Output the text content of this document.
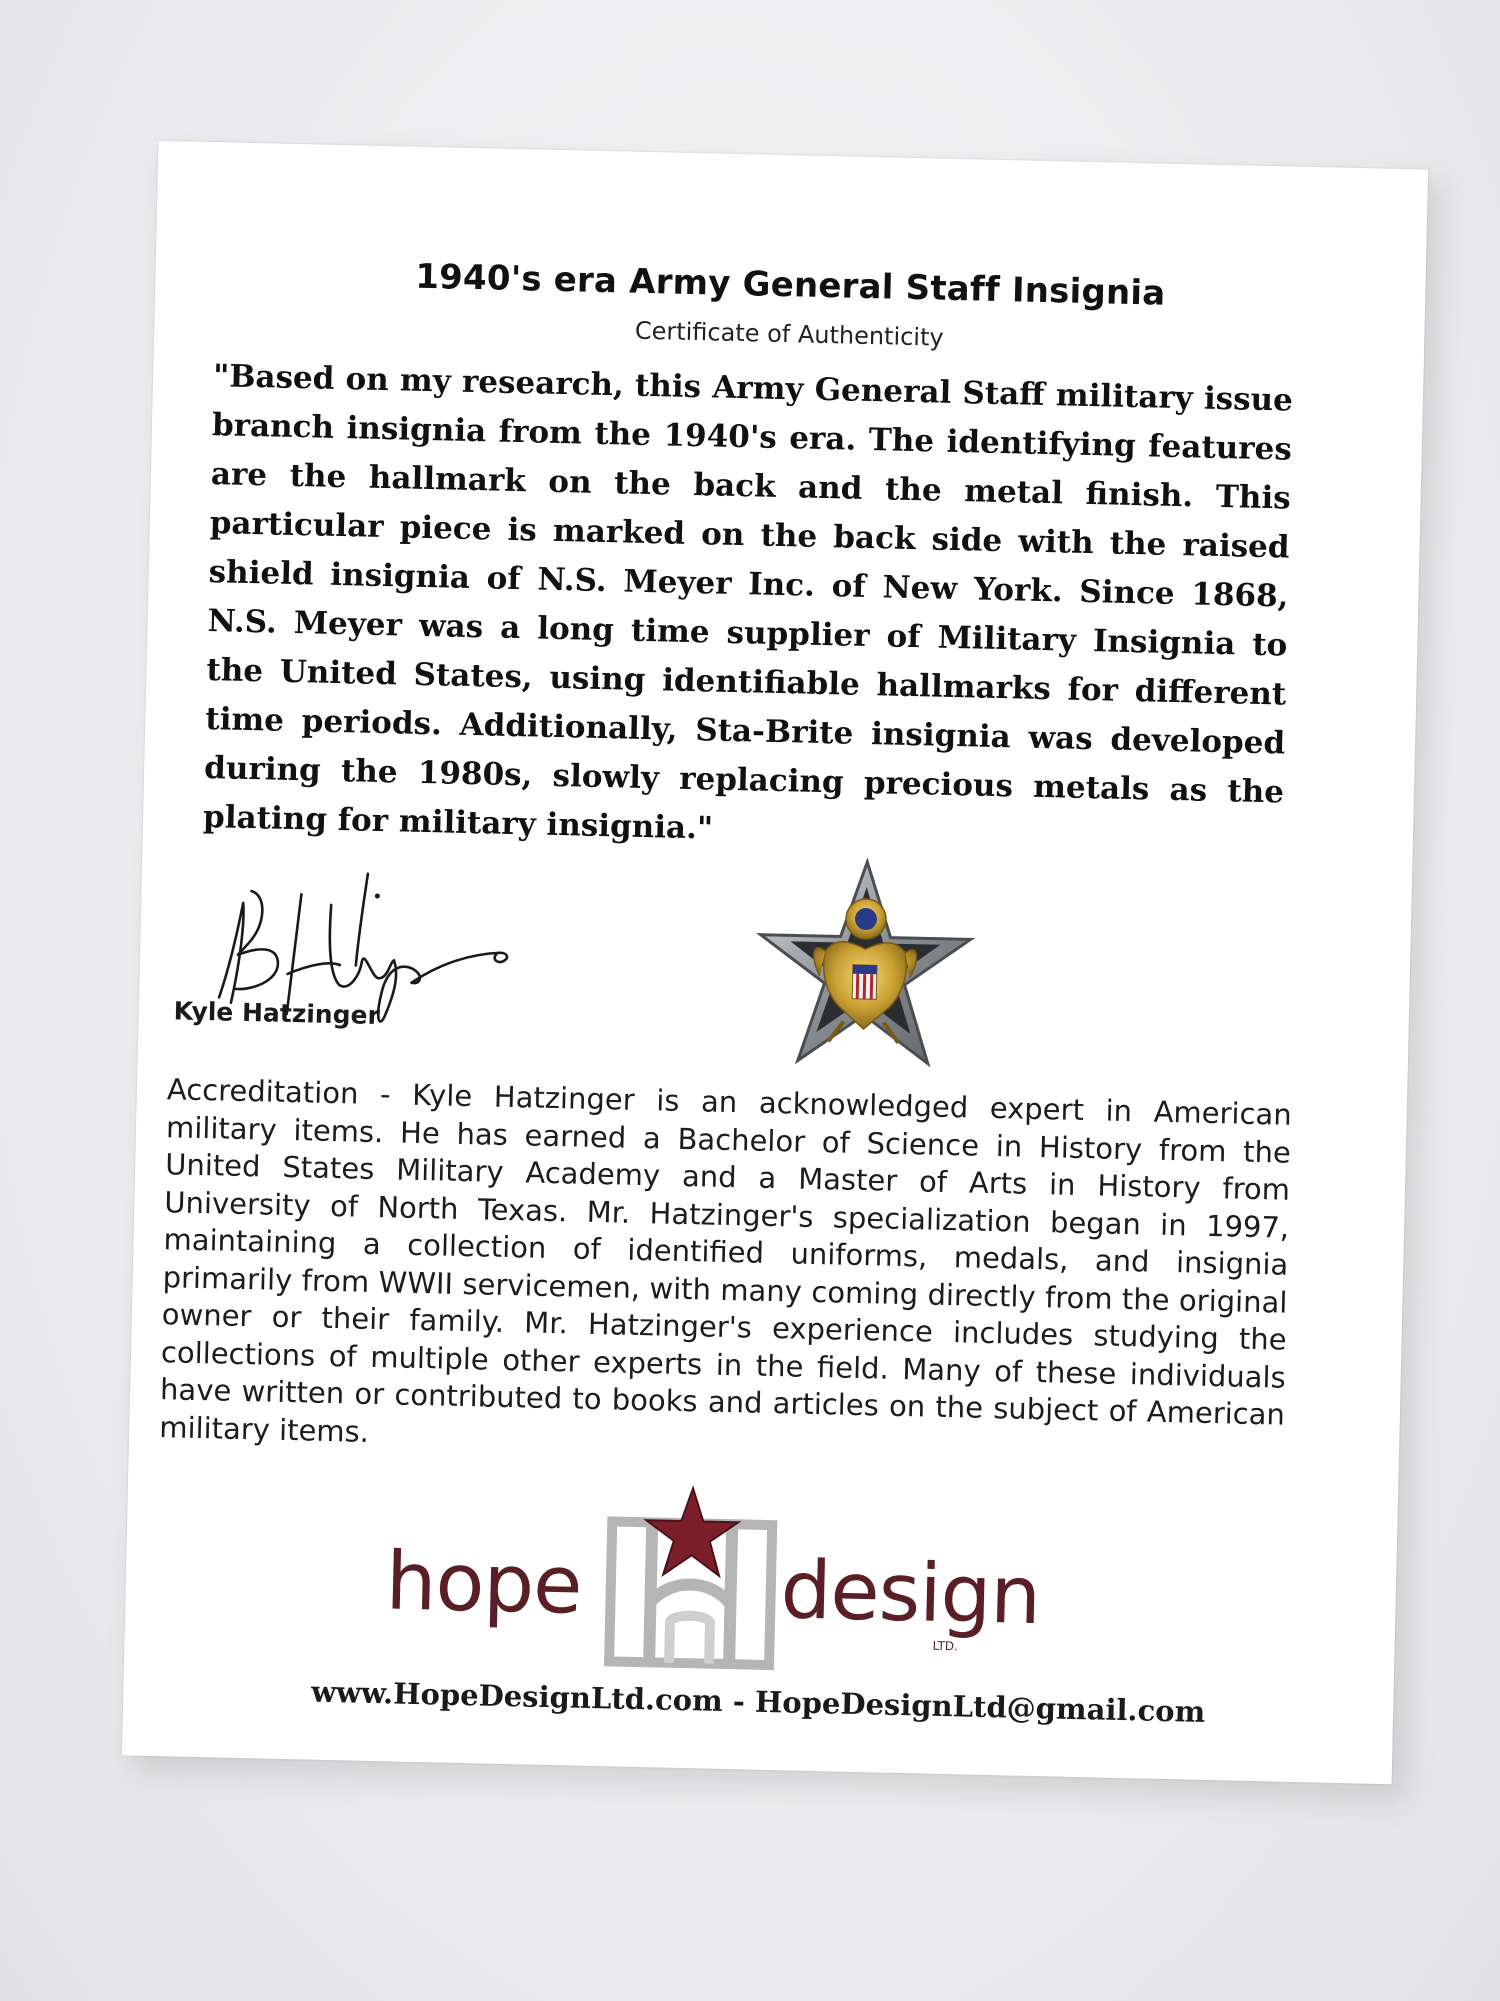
1940's era Army General Staff Insignia
Certificate of Authenticity
"Based on my research, this Army General Staff military issue branch insignia from the 1940's era. The identifying features are the hallmark on the back and the metal finish. This particular piece is marked on the back side with the raised shield insignia of N.S. Meyer Inc. of New York. Since 1868, N.S. Meyer was a long time supplier of Military Insignia to the United States, using identifiable hallmarks for different time periods. Additionally, Sta-Brite insignia was developed during the 1980s, slowly replacing precious metals as the plating for military insignia."
Kyle Hatzinger
Accreditation - Kyle Hatzinger is an acknowledged expert in American military items. He has earned a Bachelor of Science in History from the United States Military Academy and a Master of Arts in History from University of North Texas. Mr. Hatzinger's specialization began in 1997, maintaining a collection of identified uniforms, medals, and insignia primarily from WWII servicemen, with many coming directly from the original owner or their family. Mr. Hatzinger's experience includes studying the collections of multiple other experts in the field. Many of these individuals have written or contributed to books and articles on the subject of American military items.
hope design
LTD.
www.HopeDesignLtd.com - HopeDesignLtd@gmail.com
